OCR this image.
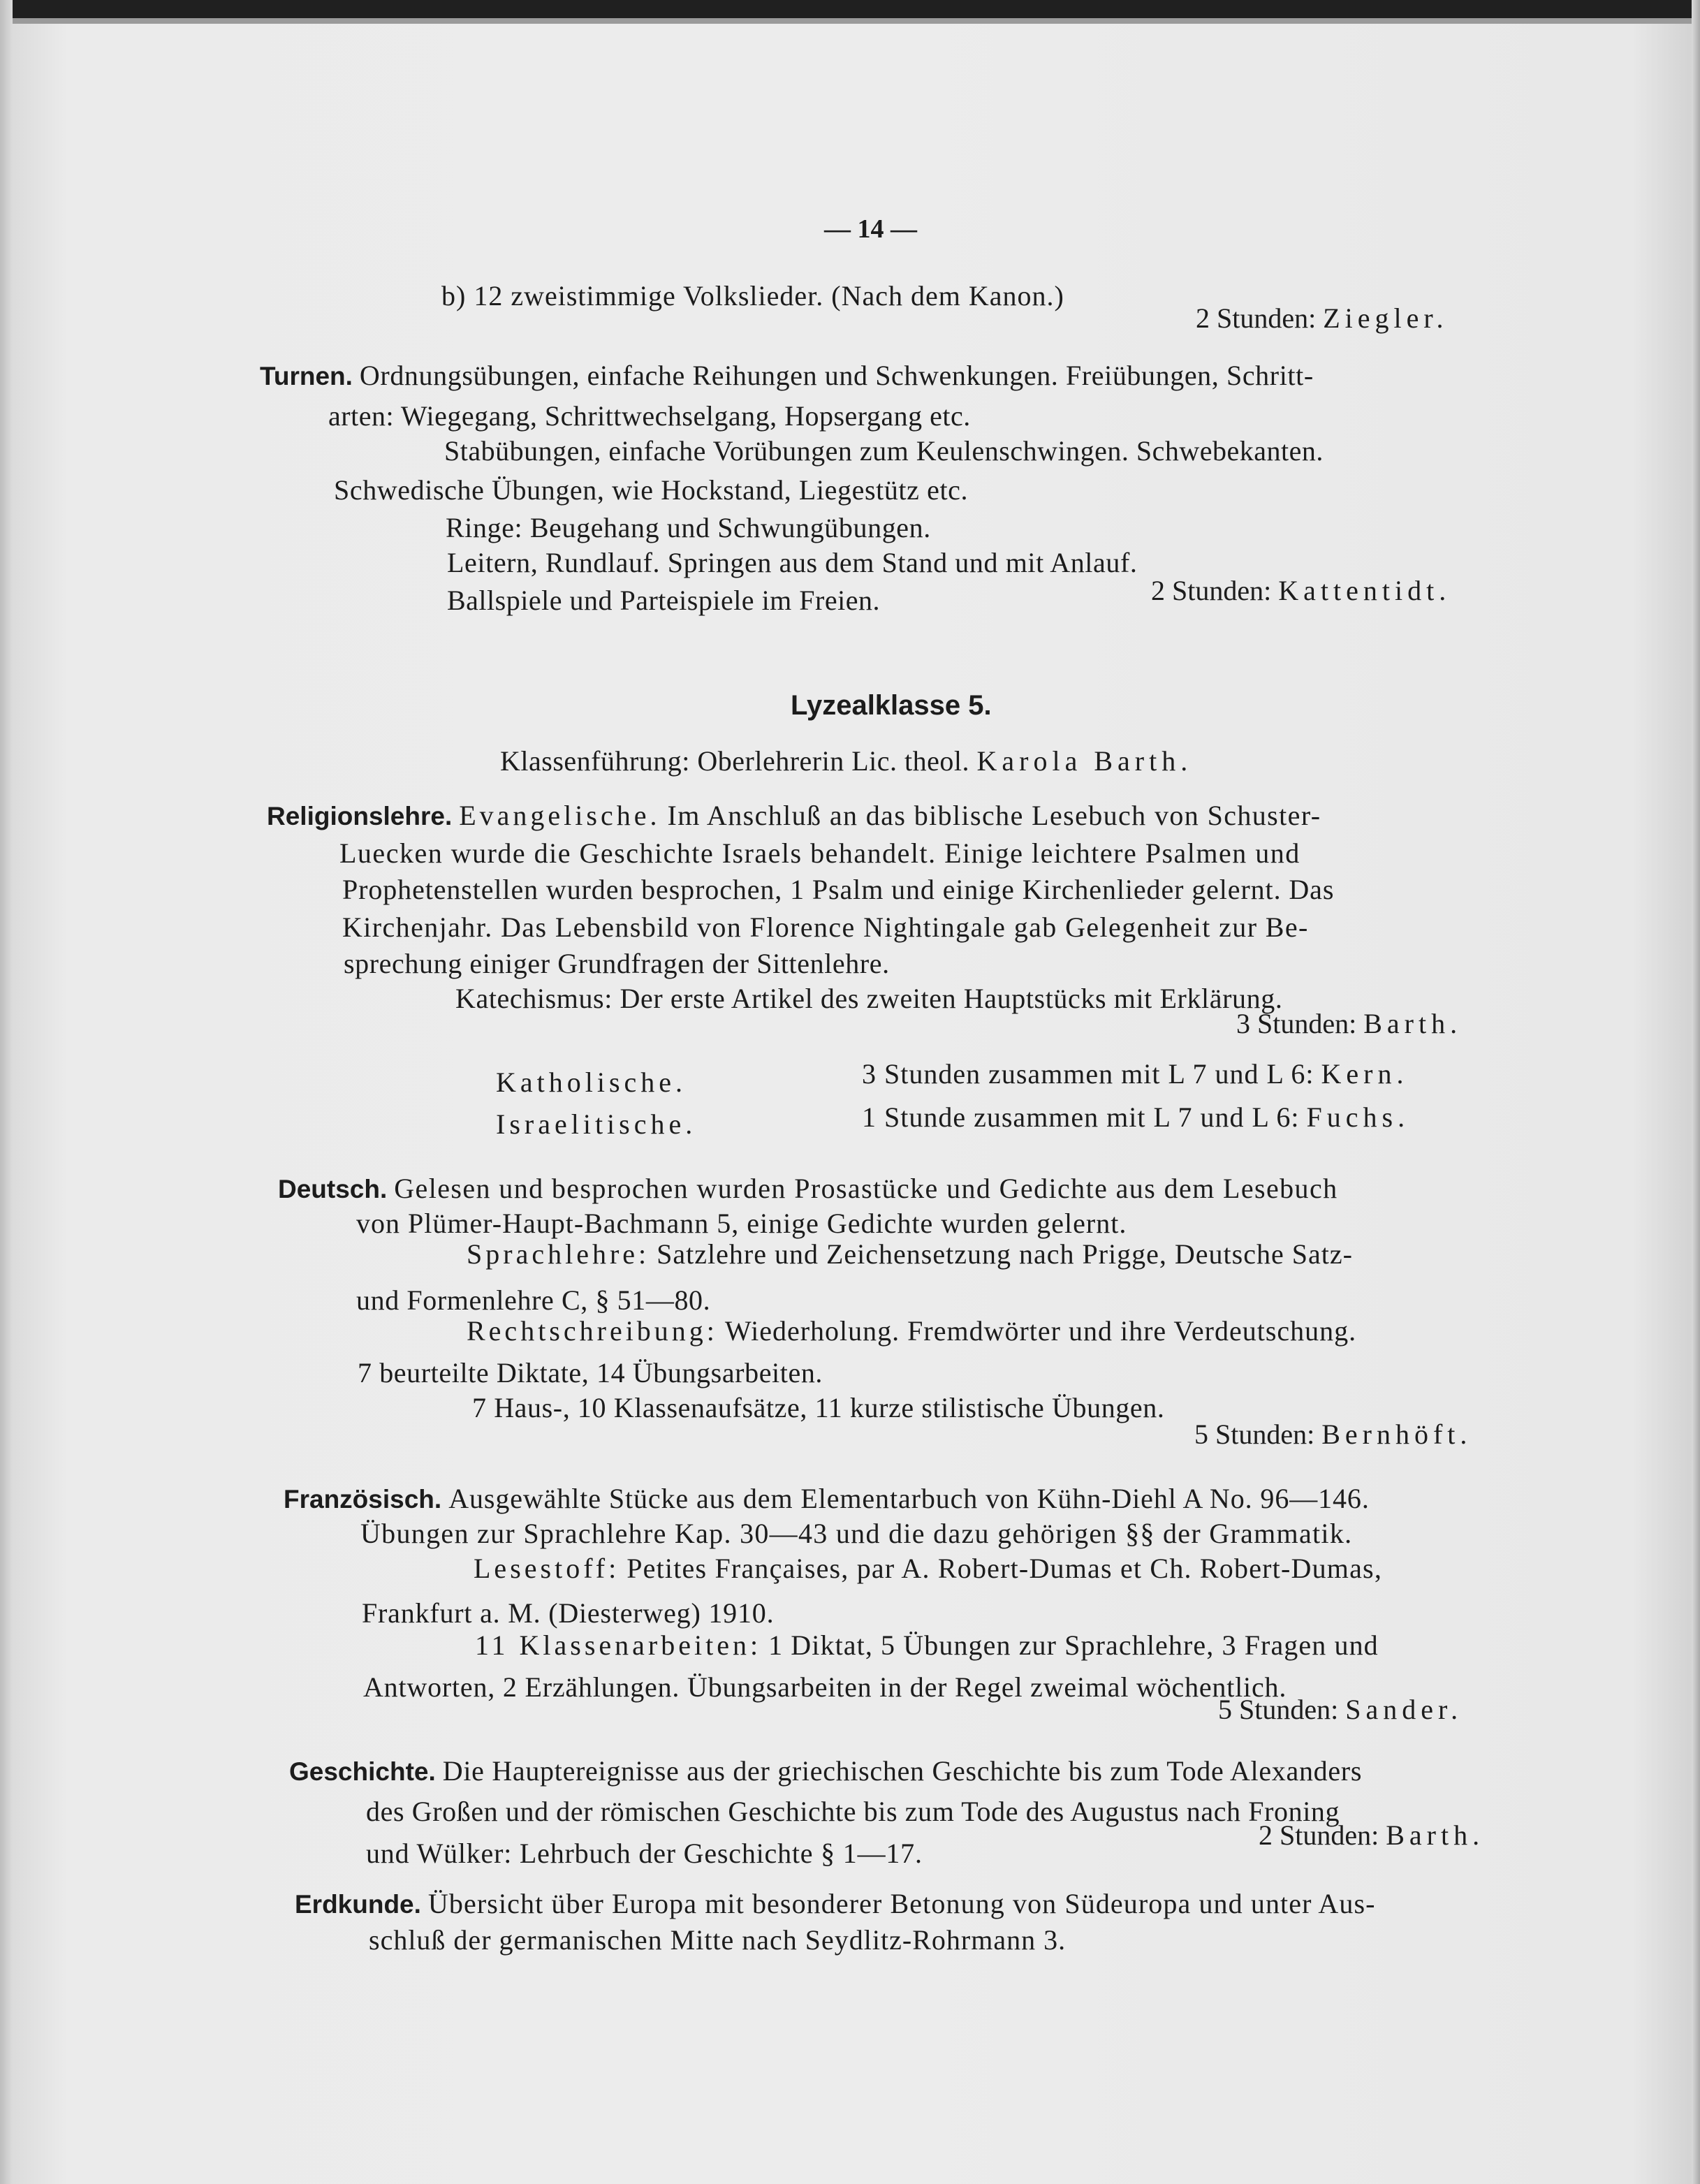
— 14 —
b) 12 zweistimmige Volkslieder. (Nach dem Kanon.)
2 Stunden: Ziegler.
Turnen. Ordnungsübungen, einfache Reihungen und Schwenkungen. Freiübungen, Schritt-
arten: Wiegegang, Schrittwechselgang, Hopsergang etc.
Stabübungen, einfache Vorübungen zum Keulenschwingen. Schwebekanten.
Schwedische Übungen, wie Hockstand, Liegestütz etc.
Ringe: Beugehang und Schwungübungen.
Leitern, Rundlauf. Springen aus dem Stand und mit Anlauf.
Ballspiele und Parteispiele im Freien.	2 Stunden: Kattentidt.
Lyzealklasse 5.
Klassenführung: Oberlehrerin Lic. theol. Karola Barth.
Religionslehre. Evangelische. Im Anschluß an das biblische Lesebuch von Schuster-
Luecken wurde die Geschichte Israels behandelt. Einige leichtere Psalmen und
Prophetenstellen wurden besprochen, 1 Psalm und einige Kirchenlieder gelernt. Das
Kirchenjahr. Das Lebensbild von Florence Nightingale gab Gelegenheit zur Be-
sprechung einiger Grundfragen der Sittenlehre.
Katechismus: Der erste Artikel des zweiten Hauptstücks mit Erklärung.
3 Stunden: Barth.
Katholische.	3 Stunden zusammen mit L 7 und L 6: Kern.
Israelitische.	1 Stunde zusammen mit L 7 und L 6: Fuchs.
Deutsch. Gelesen und besprochen wurden Prosastücke und Gedichte aus dem Lesebuch
von Plümer-Haupt-Bachmann 5, einige Gedichte wurden gelernt.
Sprachlehre: Satzlehre und Zeichensetzung nach Prigge, Deutsche Satz-
und Formenlehre C, § 51—80.
Rechtschreibung: Wiederholung. Fremdwörter und ihre Verdeutschung.
7 beurteilte Diktate, 14 Übungsarbeiten.
7 Haus-, 10 Klassenaufsätze, 11 kurze stilistische Übungen.
5 Stunden: Bernhöft.
Französisch. Ausgewählte Stücke aus dem Elementarbuch von Kühn-Diehl A No. 96—146.
Übungen zur Sprachlehre Kap. 30—43 und die dazu gehörigen §§ der Grammatik.
Lesestoff: Petites Françaises, par A. Robert-Dumas et Ch. Robert-Dumas,
Frankfurt a. M. (Diesterweg) 1910.
11 Klassenarbeiten: 1 Diktat, 5 Übungen zur Sprachlehre, 3 Fragen und
Antworten, 2 Erzählungen. Übungsarbeiten in der Regel zweimal wöchentlich.
5 Stunden: Sander.
Geschichte. Die Hauptereignisse aus der griechischen Geschichte bis zum Tode Alexanders
des Großen und der römischen Geschichte bis zum Tode des Augustus nach Froning
und Wülker: Lehrbuch der Geschichte § 1—17.
2 Stunden: Barth.
Erdkunde. Übersicht über Europa mit besonderer Betonung von Südeuropa und unter Aus-
schluß der germanischen Mitte nach Seydlitz-Rohrmann 3.
